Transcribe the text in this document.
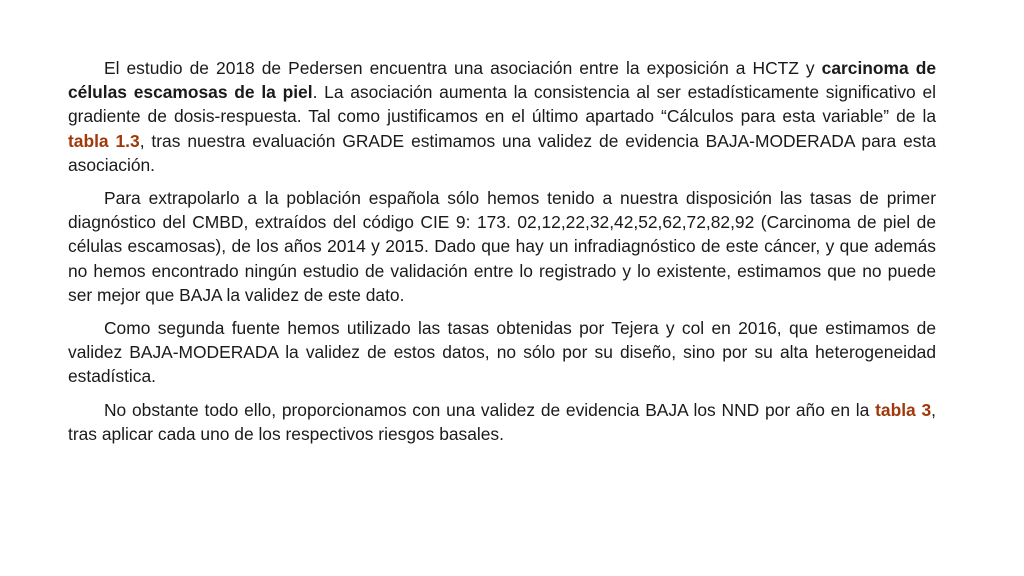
El estudio de 2018 de Pedersen encuentra una asociación entre la exposición a HCTZ y carcinoma de células escamosas de la piel. La asociación aumenta la consistencia al ser estadísticamente significativo el gradiente de dosis-respuesta. Tal como justificamos en el último apartado “Cálculos para esta variable” de la tabla 1.3, tras nuestra evaluación GRADE estimamos una validez de evidencia BAJA-MODERADA para esta asociación.

Para extrapolarlo a la población española sólo hemos tenido a nuestra disposición las tasas de primer diagnóstico del CMBD, extraídos del código CIE 9: 173. 02,12,22,32,42,52,62,72,82,92 (Carcinoma de piel de células escamosas), de los años 2014 y 2015. Dado que hay un infradiagnóstico de este cáncer, y que además no hemos encontrado ningún estudio de validación entre lo registrado y lo existente, estimamos que no puede ser mejor que BAJA la validez de este dato.

Como segunda fuente hemos utilizado las tasas obtenidas por Tejera y col en 2016, que estimamos de validez BAJA-MODERADA la validez de estos datos, no sólo por su diseño, sino por su alta heterogeneidad estadística.

No obstante todo ello, proporcionamos con una validez de evidencia BAJA los NND por año en la tabla 3, tras aplicar cada uno de los respectivos riesgos basales.
